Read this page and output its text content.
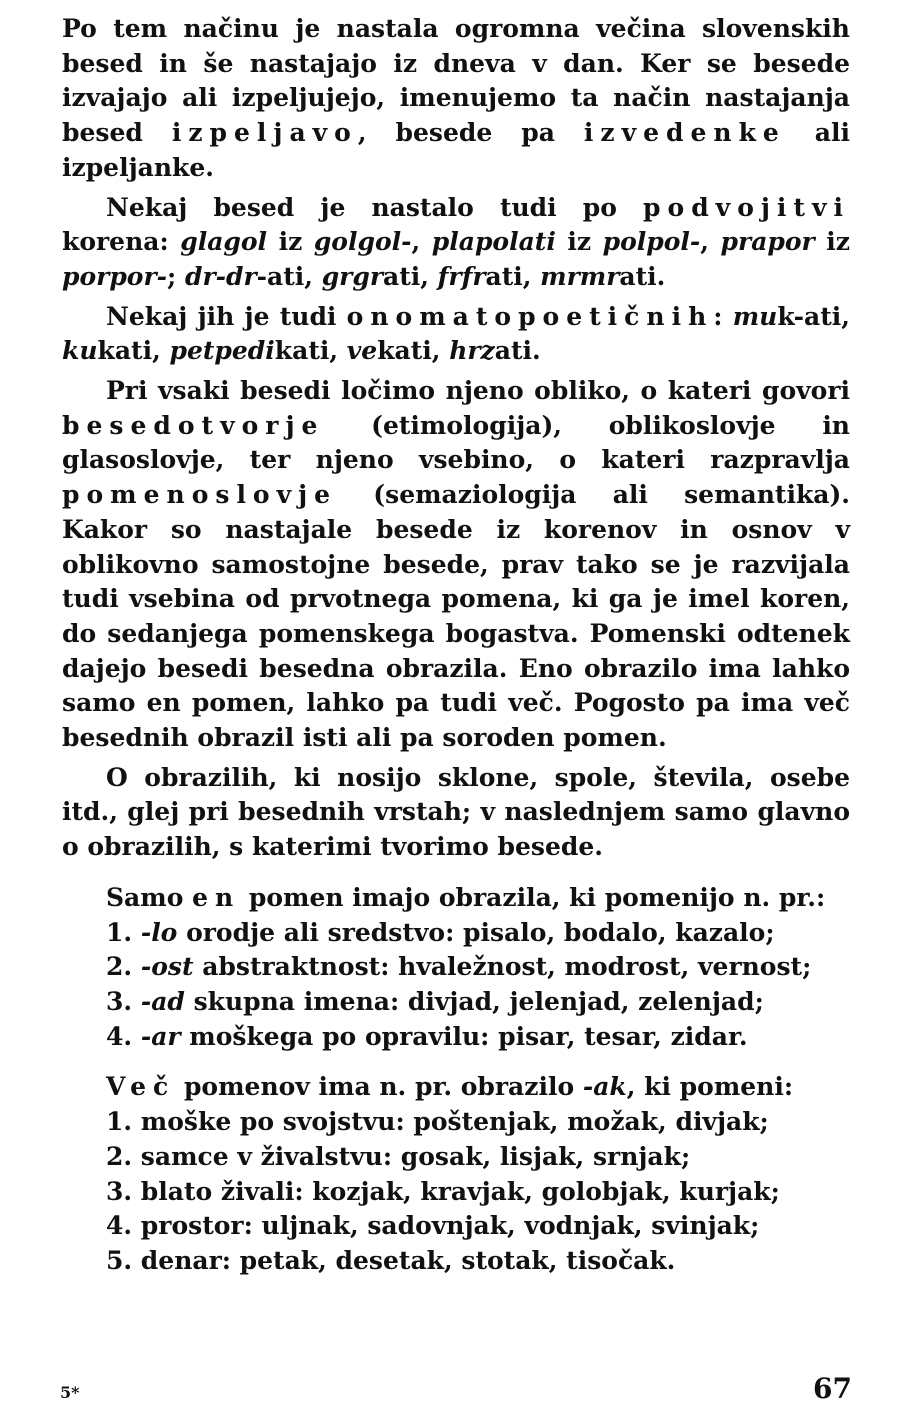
Po tem načinu je nastala ogromna večina slovenskih besed in še nastajajo iz dneva v dan. Ker se besede izvajajo ali izpeljujejo, imenujemo ta način nastajanja besed izpeljavo, besede pa izvedenke ali izpeljanke.

Nekaj besed je nastalo tudi po podvojitvi korena: glagol iz golgol-, plapolati iz polpol-, prapor iz porpor-; dr-dr-ati, grgrati, frfrati, mrmrati.

Nekaj jih je tudi onomatopoetičnih: muk-ati, kukati, petpedikati, vekati, hrzati.

Pri vsaki besedi ločimo njeno obliko, o kateri govori besedotvorje (etimologija), oblikoslovje in glasoslovje, ter njeno vsebino, o kateri razpravlja pomenoslovje (semaziologija ali semantika). Kakor so nastajale besede iz korenov in osnov v oblikovno samostojne besede, prav tako se je razvijala tudi vsebina od prvotnega pomena, ki ga je imel koren, do sedanjega pomenskega bogastva. Pomenski odtenek dajejo besedi besedna obrazila. Eno obrazilo ima lahko samo en pomen, lahko pa tudi več. Pogosto pa ima več besednih obrazil isti ali pa soroden pomen.

O obrazilih, ki nosijo sklone, spole, števila, osebe itd., glej pri besednih vrstah; v naslednjem samo glavno o obrazilih, s katerimi tvorimo besede.

Samo en pomen imajo obrazila, ki pomenijo n. pr.:

1. -lo orodje ali sredstvo: pisalo, bodalo, kazalo;
2. -ost abstraktnost: hvaležnost, modrost, vernost;
3. -ad skupna imena: divjad, jelenjad, zelenjad;
4. -ar moškega po opravilu: pisar, tesar, zidar.

Več pomenov ima n. pr. obrazilo -ak, ki pomeni:

1. moške po svojstvu: poštenjak, možak, divjak;
2. samce v živalstvu: gosak, lisjak, srnjak;
3. blato živali: kozjak, kravjak, golobjak, kurjak;
4. prostor: uljnak, sadovnjak, vodnjak, svinjak;
5. denar: petak, desetak, stotak, tisočak.
5*	67
